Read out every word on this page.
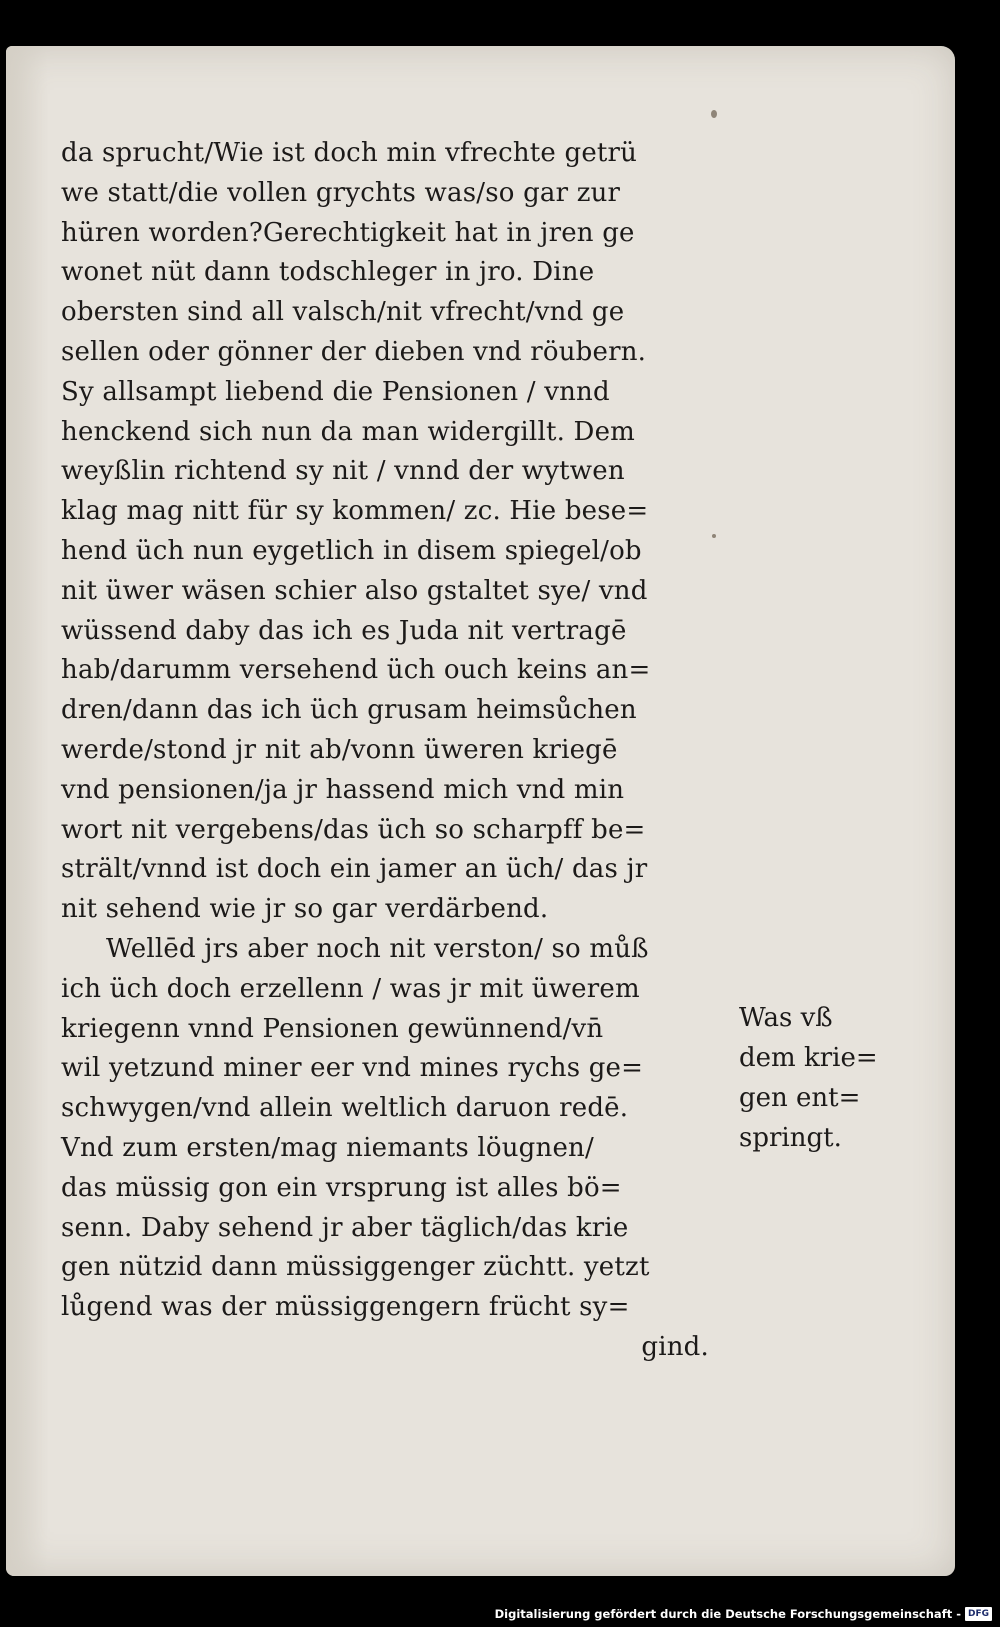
da sprucht/Wie ist doch min vfrechte getrü
we statt/die vollen grychts was/so gar zur
hüren worden?Gerechtigkeit hat in jren ge
wonet nüt dann todschleger in jro. Dine
obersten sind all valsch/nit vfrecht/vnd ge
sellen oder gönner der dieben vnd röubern.
Sy allsampt liebend die Pensionen / vnnd
henckend sich nun da man widergillt. Dem
weyßlin richtend sy nit / vnnd der wytwen
klag mag nitt für sy kommen/ zc. Hie bese=
hend üch nun eygetlich in disem spiegel/ob
nit üwer wäsen schier also gstaltet sye/ vnd
wüssend daby das ich es Juda nit vertragē
hab/darumm versehend üch ouch keins an=
dren/dann das ich üch grusam heimsůchen
werde/stond jr nit ab/vonn üweren kriegē
vnd pensionen/ja jr hassend mich vnd min
wort nit vergebens/das üch so scharpff be=
strält/vnnd ist doch ein jamer an üch/ das jr
nit sehend wie jr so gar verdärbend.
Wellēd jrs aber noch nit verston/ so můß
ich üch doch erzellenn / was jr mit üwerem
kriegenn vnnd Pensionen gewünnend/vn̄
wil yetzund miner eer vnd mines rychs ge=
schwygen/vnd allein weltlich daruon redē.
Vnd zum ersten/mag niemants löugnen/
das müssig gon ein vrsprung ist alles bö=
senn. Daby sehend jr aber täglich/das krie
gen nützid dann müssiggenger züchtt. yetzt
lůgend was der müssiggengern frücht sy=
gind.
Was vß
dem krie=
gen ent=
springt.
Digitalisierung gefördert durch die Deutsche Forschungsgemeinschaft - DFG
